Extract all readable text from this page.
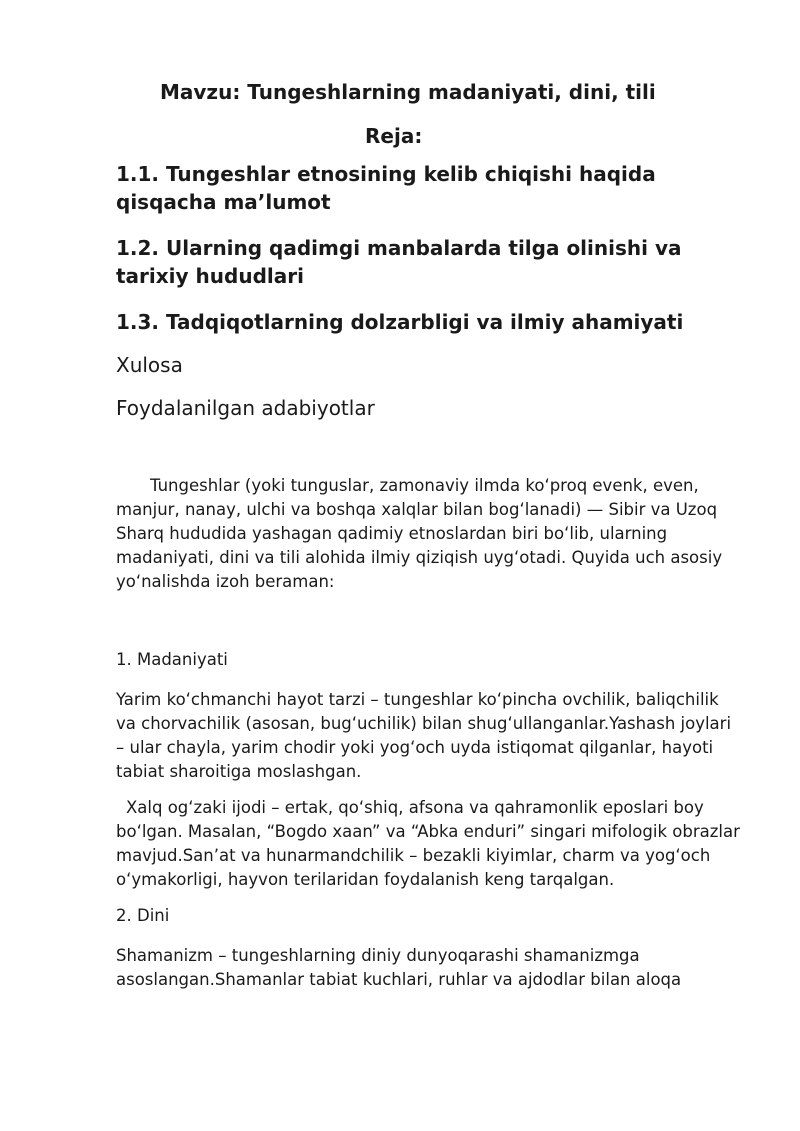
Mavzu: Tungeshlarning madaniyati, dini, tili
Reja:
1.1. Tungeshlar etnosining kelib chiqishi haqida qisqacha ma’lumot
1.2. Ularning qadimgi manbalarda tilga olinishi va tarixiy hududlari
1.3. Tadqiqotlarning dolzarbligi va ilmiy ahamiyati
Xulosa
Foydalanilgan adabiyotlar

Tungeshlar (yoki tunguslar, zamonaviy ilmda koʻproq evenk, even, manjur, nanay, ulchi va boshqa xalqlar bilan bogʻlanadi) — Sibir va Uzoq Sharq hududida yashagan qadimiy etnoslardan biri boʻlib, ularning madaniyati, dini va tili alohida ilmiy qiziqish uygʻotadi. Quyida uch asosiy yoʻnalishda izoh beraman:

1. Madaniyati

Yarim koʻchmanchi hayot tarzi – tungeshlar koʻpincha ovchilik, baliqchilik va chorvachilik (asosan, bugʻuchilik) bilan shugʻullanganlar.Yashash joylari – ular chayla, yarim chodir yoki yogʻoch uyda istiqomat qilganlar, hayoti tabiat sharoitiga moslashgan.

Xalq ogʻzaki ijodi – ertak, qoʻshiq, afsona va qahramonlik eposlari boy boʻlgan. Masalan, “Bogdo xaan” va “Abka enduri” singari mifologik obrazlar mavjud.Sanʼat va hunarmandchilik – bezakli kiyimlar, charm va yogʻoch oʻymakorligi, hayvon terilaridan foydalanish keng tarqalgan.

2. Dini

Shamanizm – tungeshlarning diniy dunyoqarashi shamanizmga asoslangan.Shamanlar tabiat kuchlari, ruhlar va ajdodlar bilan aloqa
